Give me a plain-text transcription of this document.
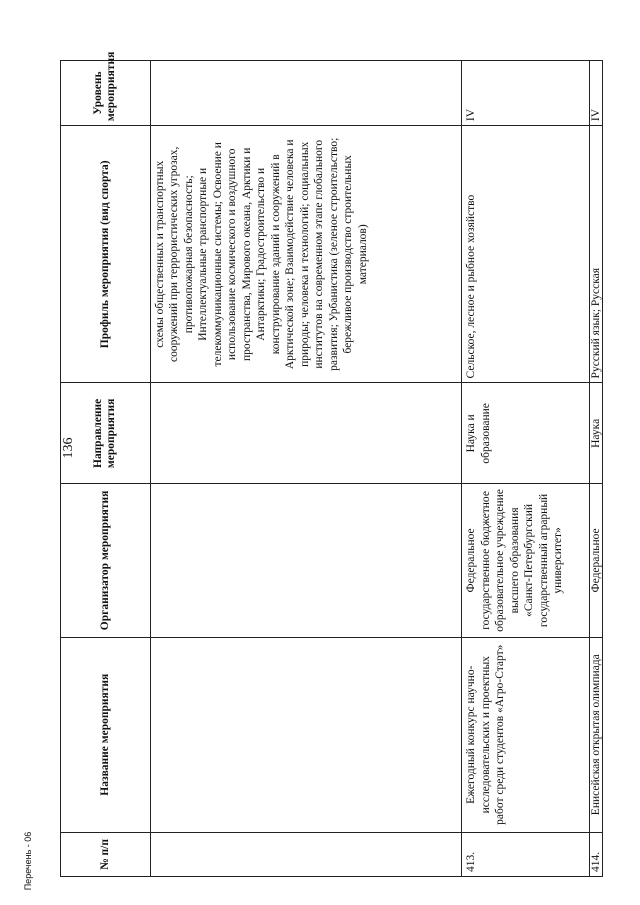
136
№ п/п	Название мероприятия	Организатор мероприятия	Направление мероприятия	Профиль мероприятия (вид спорта)	Уровень мероприятия
				схемы общественных и транспортных сооружений при террористических угрозах, противопожарная безопасность; Интеллектуальные транспортные и телекоммуникационные системы; Освоение и использование космического и воздушного пространства, Мирового океана, Арктики и Антарктики; Градостроительство и конструирование зданий и сооружений в Арктической зоне; Взаимодействие человека и природы; человека и технологий; социальных институтов на современном этапе глобального развития; Урбанистика (зеленое строительство; бережливое производство строительных материалов)	
413.	Ежегодный конкурс научно-исследовательских и проектных работ среди студентов «Агро-Старт»	Федеральное государственное бюджетное образовательное учреждение высшего образования «Санкт-Петербургский государственный аграрный университет»	Наука и образование	Сельское, лесное и рыбное хозяйство	IV
414.	Енисейская открытая олимпиада	Федеральное	Наука	Русский язык; Русская	IV
Перечень - 06
